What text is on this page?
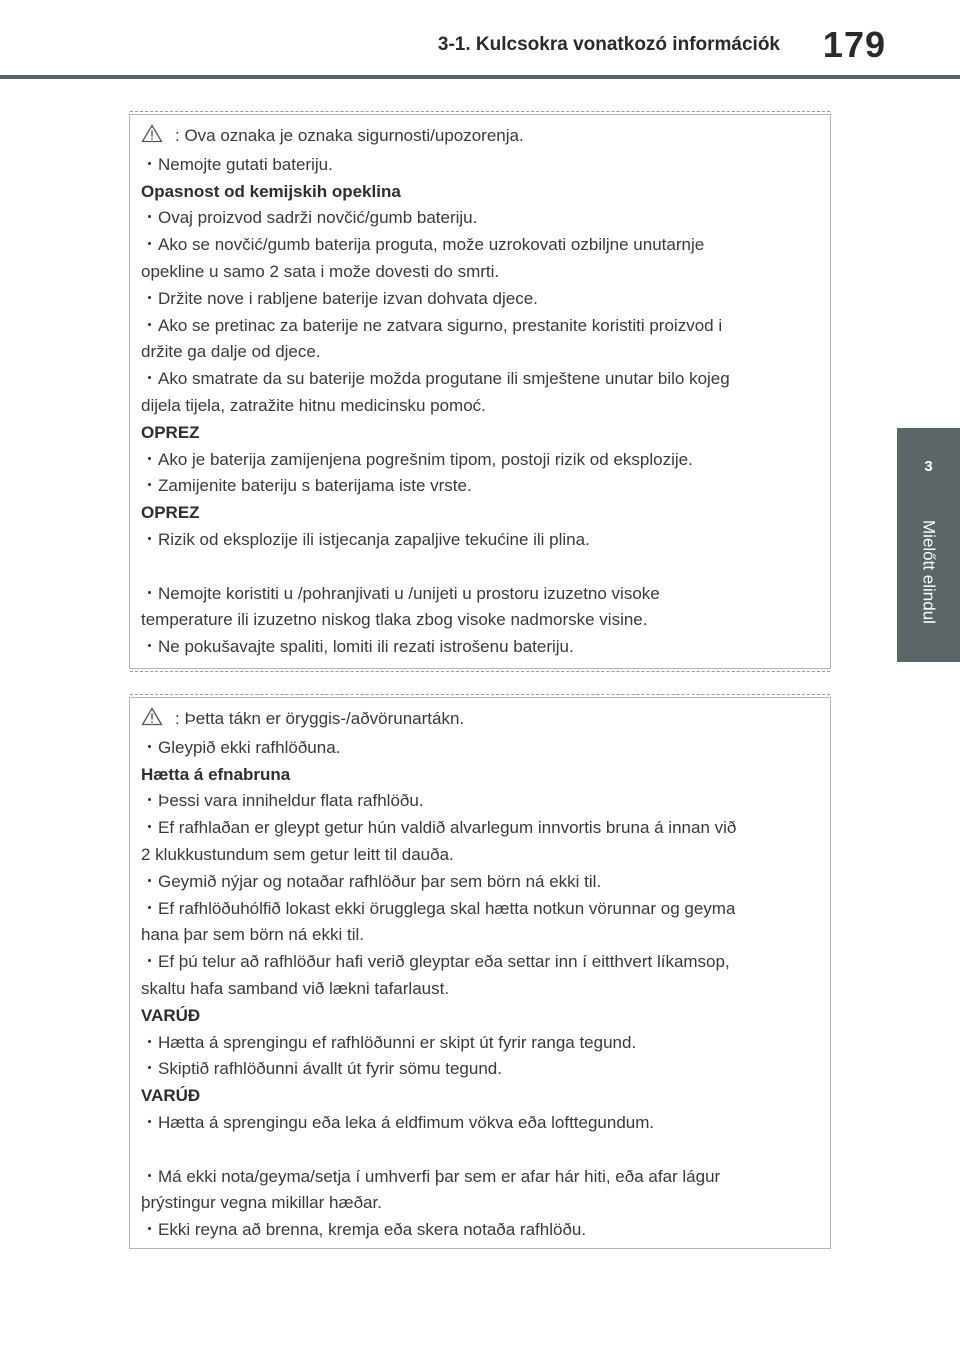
3-1. Kulcsokra vonatkozó információk 179
3
Mielőtt elindul
: Ova oznaka je oznaka sigurnosti/upozorenja.
・Nemojte gutati bateriju.
Opasnost od kemijskih opeklina
・Ovaj proizvod sadrži novčić/gumb bateriju.
・Ako se novčić/gumb baterija proguta, može uzrokovati ozbiljne unutarnje
opekline u samo 2 sata i može dovesti do smrti.
・Držite nove i rabljene baterije izvan dohvata djece.
・Ako se pretinac za baterije ne zatvara sigurno, prestanite koristiti proizvod i
držite ga dalje od djece.
・Ako smatrate da su baterije možda progutane ili smještene unutar bilo kojeg
dijela tijela, zatražite hitnu medicinsku pomoć.
OPREZ
・Ako je baterija zamijenjena pogrešnim tipom, postoji rizik od eksplozije.
・Zamijenite bateriju s baterijama iste vrste.
OPREZ
・Rizik od eksplozije ili istjecanja zapaljive tekućine ili plina.
・Nemojte koristiti u /pohranjivati u /unijeti u prostoru izuzetno visoke
temperature ili izuzetno niskog tlaka zbog visoke nadmorske visine.
・Ne pokušavajte spaliti, lomiti ili rezati istrošenu bateriju.
: Þetta tákn er öryggis-/aðvörunartákn.
・Gleypið ekki rafhlöðuna.
Hætta á efnabruna
・Þessi vara inniheldur flata rafhlöðu.
・Ef rafhlaðan er gleypt getur hún valdið alvarlegum innvortis bruna á innan við
2 klukkustundum sem getur leitt til dauða.
・Geymið nýjar og notaðar rafhlöður þar sem börn ná ekki til.
・Ef rafhlöðuhólfið lokast ekki örugglega skal hætta notkun vörunnar og geyma
hana þar sem börn ná ekki til.
・Ef þú telur að rafhlöður hafi verið gleyptar eða settar inn í eitthvert líkamsop,
skaltu hafa samband við lækni tafarlaust.
VARÚÐ
・Hætta á sprengingu ef rafhlöðunni er skipt út fyrir ranga tegund.
・Skiptið rafhlöðunni ávallt út fyrir sömu tegund.
VARÚÐ
・Hætta á sprengingu eða leka á eldfimum vökva eða lofttegundum.
・Má ekki nota/geyma/setja í umhverfi þar sem er afar hár hiti, eða afar lágur
þrýstingur vegna mikillar hæðar.
・Ekki reyna að brenna, kremja eða skera notaða rafhlöðu.
